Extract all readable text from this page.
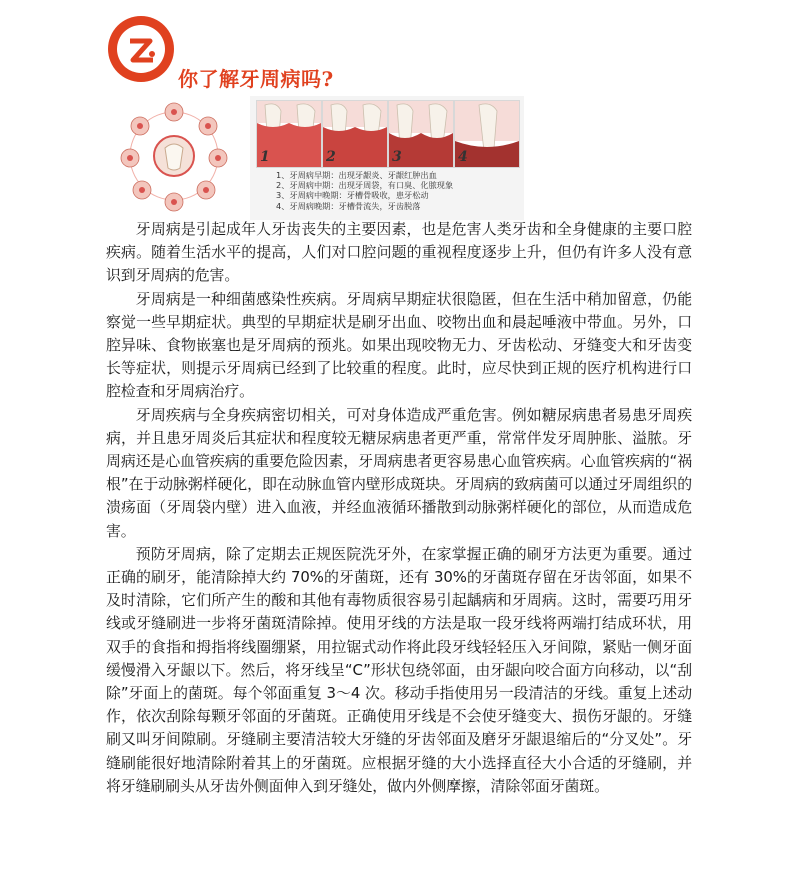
你了解牙周病吗?
1	2	3	4
1、牙周病早期：出现牙龈炎、牙龈红肿出血
2、牙周病中期：出现牙周袋，有口臭、化脓现象
3、牙周病中晚期：牙槽骨吸收，患牙松动
4、牙周病晚期：牙槽骨流失，牙齿脱落

牙周病是引起成年人牙齿丧失的主要因素，也是危害人类牙齿和全身健康的主要口腔疾病。随着生活水平的提高，人们对口腔问题的重视程度逐步上升，但仍有许多人没有意识到牙周病的危害。

牙周病是一种细菌感染性疾病。牙周病早期症状很隐匿，但在生活中稍加留意，仍能察觉一些早期症状。典型的早期症状是刷牙出血、咬物出血和晨起唾液中带血。另外，口腔异味、食物嵌塞也是牙周病的预兆。如果出现咬物无力、牙齿松动、牙缝变大和牙齿变长等症状，则提示牙周病已经到了比较重的程度。此时，应尽快到正规的医疗机构进行口腔检查和牙周病治疗。

牙周疾病与全身疾病密切相关，可对身体造成严重危害。例如糖尿病患者易患牙周疾病，并且患牙周炎后其症状和程度较无糖尿病患者更严重，常常伴发牙周肿胀、溢脓。牙周病还是心血管疾病的重要危险因素，牙周病患者更容易患心血管疾病。心血管疾病的“祸根”在于动脉粥样硬化，即在动脉血管内壁形成斑块。牙周病的致病菌可以通过牙周组织的溃疡面（牙周袋内壁）进入血液，并经血液循环播散到动脉粥样硬化的部位，从而造成危害。

预防牙周病，除了定期去正规医院洗牙外，在家掌握正确的刷牙方法更为重要。通过正确的刷牙，能清除掉大约 70%的牙菌斑，还有 30%的牙菌斑存留在牙齿邻面，如果不及时清除，它们所产生的酸和其他有毒物质很容易引起龋病和牙周病。这时，需要巧用牙线或牙缝刷进一步将牙菌斑清除掉。使用牙线的方法是取一段牙线将两端打结成环状，用双手的食指和拇指将线圈绷紧，用拉锯式动作将此段牙线轻轻压入牙间隙，紧贴一侧牙面缓慢滑入牙龈以下。然后，将牙线呈“C”形状包绕邻面，由牙龈向咬合面方向移动，以“刮除”牙面上的菌斑。每个邻面重复 3～4 次。移动手指使用另一段清洁的牙线。重复上述动作，依次刮除每颗牙邻面的牙菌斑。正确使用牙线是不会使牙缝变大、损伤牙龈的。牙缝刷又叫牙间隙刷。牙缝刷主要清洁较大牙缝的牙齿邻面及磨牙牙龈退缩后的“分叉处”。牙缝刷能很好地清除附着其上的牙菌斑。应根据牙缝的大小选择直径大小合适的牙缝刷，并将牙缝刷刷头从牙齿外侧面伸入到牙缝处，做内外侧摩擦，清除邻面牙菌斑。
